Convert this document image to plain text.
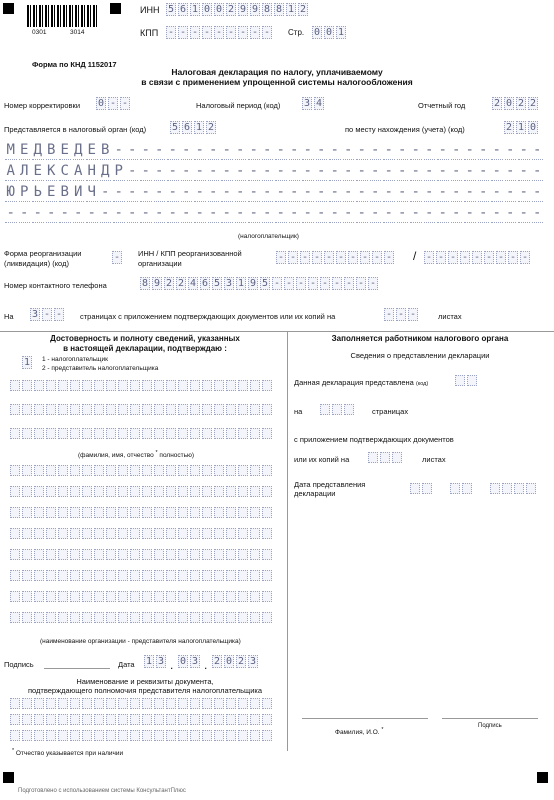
0301	3014
ИНН 5 6 1 0 0 2 9 9 8 8 1 2
КПП - - - - - - - - - Стр. 0 0 1
Форма по КНД 1152017
Налоговая декларация по налогу, уплачиваемому
в связи с применением упрощенной системы налогообложения
Номер корректировки 0 - -	Налоговый период (код) 3 4	Отчетный год	2 0 2 2
Представляется в налоговый орган (код)	5 6 1 2	по месту нахождения (учета) (код)	2 1 0
М Е Д В Е Д Е В - - - - - - - - - - - - - - - - - - - - - - - - - - - - - - - -
А Л Е К С А Н Д Р - - - - - - - - - - - - - - - - - - - - - - - - - - - - - - -
Ю Р Ь Е В И Ч - - - - - - - - - - - - - - - - - - - - - - - - - - - - - - - - -
- - - - - - - - - - - - - - - - - - - - - - - - - - - - - - - - - - - - - - - -
(налогоплательщик)
Форма реорганизации
(ликвидация) (код)
- ИНН / КПП реорганизованной
организации
- - - - - - - - - - / - - - - - - - - -
Номер контактного телефона	8 9 2 2 4 6 5 3 1 9 5 - - - - - - - - -
На 3 - - страницах с приложением подтверждающих документов или их копий на	- - -	листах
Достоверность и полноту сведений, указанных
в настоящей декларации, подтверждаю :
1	1 - налогоплательщик
2 - представитель налогоплательщика
(фамилия, имя, отчество * полностью)
(наименование организации - представителя налогоплательщика)
Подпись	Дата 1 3 . 0 3 . 2 0 2 3
Наименование и реквизиты документа,
подтверждающего полномочия представителя налогоплательщика
* Отчество указывается при наличии
Заполняется работником налогового органа
Сведения о представлении декларации
Данная декларация представлена (код)
на	страницах
с приложением подтверждающих документов
или их копий на	листах
Дата представления
декларации
Фамилия, И.О. *
Подпись
Подготовлено с использованием системы КонсультантПлюс
